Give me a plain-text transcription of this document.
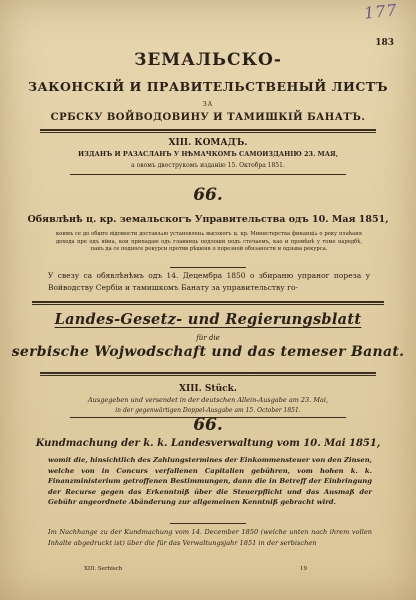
177
183
ЗЕМАЛЬСКО-
ЗАКОНСКІЙ И ПРАВИТЕЛЬСТВЕНЫЙ ЛИСТЪ
ЗА
СРБСКУ ВОЙВОДОВИНУ И ТАМИШКІЙ БАНАТЪ.
XIII. КОМАДЪ.
ИЗДАНЪ И РАЗАСЛАНЪ У НѢМАЧКОМЪ САМОИЗДАНІЮ 23. МАЯ,
а овомъ двострукомъ изданію 15. Октобра 1851.
66.
Обявлѣнѣ ц. кр. земальскогъ Управительства одъ 10. Мая 1851,
коимъ се до обште відомости доставлѧю установленѧ высокогъ ц. кр. Министерства финанціѧ о року плаћаня дохода пре одъ яйна, кои припадаю одъ главниць подлоши подъ стечаемъ, као и промѣнѣ у томе наредбѣ, пакъ да се подносе рекурси против рѣшеня о порезной обязаности и одзыва рекурса.
У свезу са обявлѣнѣмъ одъ 14. Децембра 1850 о збираню упраног пореза у Войводству Сербіи и тамишкомъ Банату за управительству го-
Landes-Gesetz- und Regierungsblatt
für die
serbische Wojwodschaft und das temeser Banat.
XIII. Stück.
Ausgegeben und versendet in der deutschen Allein-Ausgabe am 23. Mai,
in der gegenwärtigen Doppel-Ausgabe am 15. October 1851.
66.
Kundmachung der k. k. Landesverwaltung vom 10. Mai 1851,
womit die, hinsichtlich des Zahlungstermines der Einkommensteuer von den Zinsen, welche von in Concurs verfallenen Capitalien gebühren, vom hohen k. k. Finanzministerium getroffenen Bestimmungen, dann die in Betreff der Einbringung der Recurse gegen das Erkenntniß über die Steuerpflicht und das Ausmaß der Gebühr angeordnete Abänderung zur allgemeinen Kenntniß gebracht wird.
Im Nachhange zu der Kundmachung vom 14. December 1850 (welche unten nach ihrem vollen Inhalte abgedruckt ist) über die für das Verwaltungsjahr 1851 in der serbischen
XIII. Serbisch	19
